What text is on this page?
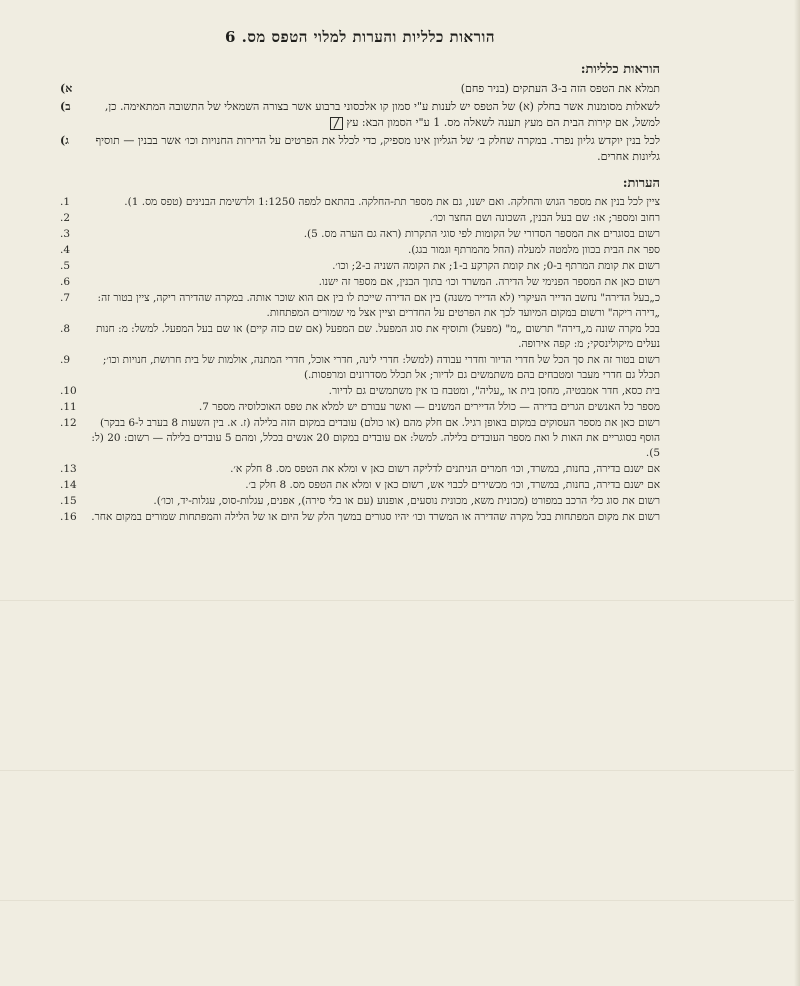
הוראות כלליות והערות למלוי הטפס מס. 6
הוראות כלליות:
תמלא את הטפס הזה ב-3 העתקים (בניר פחם)
א)
לשאלות מסומנות אשר בחלק (א) של הטפס יש לענות ע"י סמון קו אלכסוני ברבוע אשר בצורה השמאלי של התשובה המתאימה. כן, למשל, אם קירות הבית הם מעץ תענה לשאלה מס. 1 ע"י הסמון הבא: עץ
ב)
לכל בנין יוקדש גליון נפרד. במקרה שחלק ב׳ של הגליון אינו מספיק, כדי לכלל את הפרטים על הדירות החנויות וכו׳ אשר בבנין — תוסיף גליונות אחרים.
ג)
הערות:
ציין לכל בנין את מספר הגוש והחלקה. ואם ישנו, גם את מספר תת-החלקה. בהתאם למפה 1:1250 ולרשימת הבנינים (טפס מס. 1).
1.
רחוב ומספר; או: שם בעל הבנין, השכונה ושם החצר וכו׳.
2.
רשום בסוגרים את המספר הסדורי של הקומות לפי סוגי התקרות (ראה גם הערה מס. 5).
3.
ספר את הבית בכוון מלמטה למעלה (החל מהמרתף וגמור בגג).
4.
רשום את קומת המרתף ב-0; את קומת הקרקע ב-1; את הקומה השניה ב-2; וכו׳.
5.
רשום כאן את המספר הפנימי של הדירה. המשרד וכו׳ בתוך הבנין, אם מספר זה ישנו.
6.
כ„בעל הדירה" נחשב הדייר העיקרי (לא הדייר משנה) בין אם הדירה שייכת לו בין אם הוא שוכר אותה. במקרה שהדירה ריקה, ציין בטור זה: „דירה ריקה" ורשום במקום המיועד לכך את הפרטים על החדרים וציין אצל מי שמורים המפתחות.
7.
בכל מקרה שונה מ„דירה" תרשום „מ" (מפעל) ותוסיף את סוג המפעל. שם המפעל (אם שם כזה קיים) או שם בעל המפעל. למשל: מ: חנות נעלים מיקולינסקי; מ: קפה אירופה.
8.
רשום בטור זה את סך הכל של חדרי הדיור וחדרי עבודה (למשל: חדרי לינה, חדרי אוכל, חדרי המתנה, אולמות של בית חרושת, חנויות וכו׳; תכלל גם חדרי מעבר ומטבחים בהם משתמשים גם לדיור; אל תכלל מסדרונים ומרפסות.)
9.
בית כסא, חדר אמבטיה, מחסן בית או „עליה", ומטבח בו אין משתמשים גם לדיור.
10.
מספר כל האנשים הגרים בדירה — כולל הדיירים המשנים — ואשר עבורם יש למלא את טפס האוכלוסיה מספר 7.
11.
רשום כאן את מספר העסוקים במקום באופן רגיל. אם חלק מהם (או כולם) עובדים במקום הזה בלילה (ז. א. בין השעות 8 בערב ל-6 בבקר) הוסף בסוגריים את האות ל ואת מספר העובדים בלילה. למשל: אם עובדים במקום 20 אנשים בכלל, ומהם 5 עובדים בלילה — רשום: 20 (ל: 5).
12.
אם ישנם בדירה, בחנות, במשרד, וכו׳ חמרים הניתנים לדליקה רשום כאן v ומלא את הטפס מס. 8 חלק א׳.
13.
אם ישנם בדירה, בחנות, במשרד, וכו׳ מכשירים לכבוי אש, רשום כאן v ומלא את הטפס מס. 8 חלק ב׳.
14.
רשום את סוג כלי הרכב במפורט (מכונית משא, מכונית נוסעים, אופנוע (עם או בלי סירה), אפנים, עגלות-סוס, עגלות-יד, וכו׳).
15.
רשום את מקום המפתחות בכל מקרה שהדירה או המשרד וכו׳ יהיו סגורים במשך הלק של היום או של הלילה והמפתחות שמורים במקום אחר.
16.
